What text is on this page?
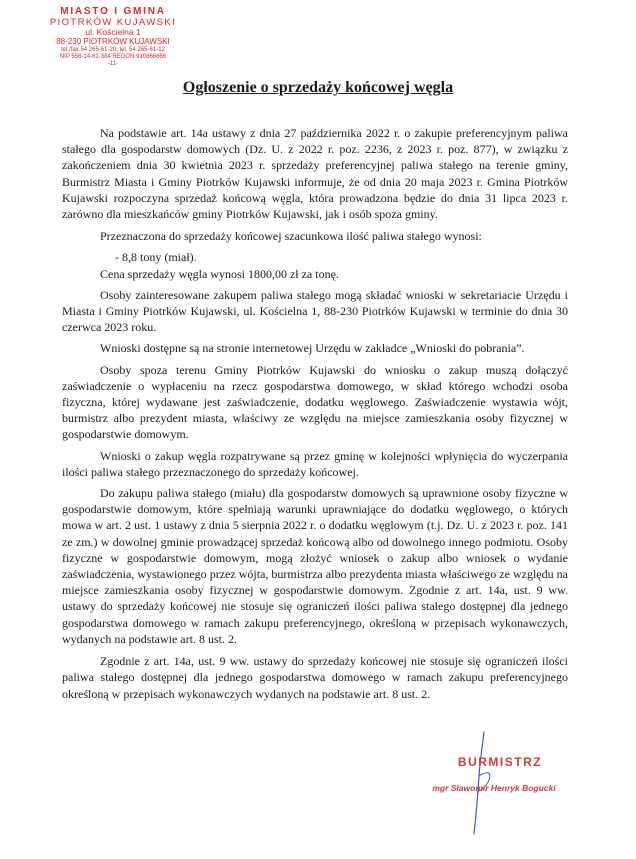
MIASTO I GMINA
PIOTRKÓW KUJAWSKI
ul. Kościelna 1
88-230 PIOTRKÓW KUJAWSKI
tel./fax 54 265-61-20, tel. 54 265-61-12
NIP 556-14-61-384 REGON 910866666
-11-
Ogłoszenie o sprzedaży końcowej węgla

Na podstawie art. 14a ustawy z dnia 27 października 2022 r. o zakupie preferencyjnym paliwa stałego dla gospodarstw domowych (Dz. U. z 2022 r. poz. 2236, z 2023 r. poz. 877), w związku z zakończeniem dnia 30 kwietnia 2023 r. sprzedaży preferencyjnej paliwa stałego na terenie gminy, Burmistrz Miasta i Gminy Piotrków Kujawski informuje, że od dnia 20 maja 2023 r. Gmina Piotrków Kujawski rozpoczyna sprzedaż końcową węgla, która prowadzona będzie do dnia 31 lipca 2023 r. zarówno dla mieszkańców gminy Piotrków Kujawski, jak i osób spoza gminy.

Przeznaczona do sprzedaży końcowej szacunkowa ilość paliwa stałego wynosi:

- 8,8 tony (miał).

Cena sprzedaży węgla wynosi 1800,00 zł za tonę.

Osoby zainteresowane zakupem paliwa stałego mogą składać wnioski w sekretariacie Urzędu i Miasta i Gminy Piotrków Kujawski, ul. Kościelna 1, 88-230 Piotrków Kujawski w terminie do dnia 30 czerwca 2023 roku.

Wnioski dostępne są na stronie internetowej Urzędu w zakładce „Wnioski do pobrania”.

Osoby spoza terenu Gminy Piotrków Kujawski do wniosku o zakup muszą dołączyć zaświadczenie o wypłaceniu na rzecz gospodarstwa domowego, w skład którego wchodzi osoba fizyczna, której wydawane jest zaświadczenie, dodatku węglowego. Zaświadczenie wystawia wójt, burmistrz albo prezydent miasta, właściwy ze względu na miejsce zamieszkania osoby fizycznej w gospodarstwie domowym.

Wnioski o zakup węgla rozpatrywane są przez gminę w kolejności wpłynięcia do wyczerpania ilości paliwa stałego przeznaczonego do sprzedaży końcowej.

Do zakupu paliwa stałego (miału) dla gospodarstw domowych są uprawnione osoby fizyczne w gospodarstwie domowym, które spełniają warunki uprawniające do dodatku węglowego, o których mowa w art. 2 ust. 1 ustawy z dnia 5 sierpnia 2022 r. o dodatku węglowym (t.j. Dz. U. z 2023 r. poz. 141 ze zm.) w dowolnej gminie prowadzącej sprzedaż końcową albo od dowolnego innego podmiotu. Osoby fizyczne w gospodarstwie domowym, mogą złożyć wniosek o zakup albo wniosek o wydanie zaświadczenia, wystawionego przez wójta, burmistrza albo prezydenta miasta właściwego ze względu na miejsce zamieszkania osoby fizycznej w gospodarstwie domowym. Zgodnie z art. 14a, ust. 9 ww. ustawy do sprzedaży końcowej nie stosuje się ograniczeń ilości paliwa stałego dostępnej dla jednego gospodarstwa domowego w ramach zakupu preferencyjnego, określoną w przepisach wykonawczych, wydanych na podstawie art. 8 ust. 2.

Zgodnie z art. 14a, ust. 9 ww. ustawy do sprzedaży końcowej nie stosuje się ograniczeń ilości paliwa stałego dostępnej dla jednego gospodarstwa domowego w ramach zakupu preferencyjnego określoną w przepisach wykonawczych wydanych na podstawie art. 8 ust. 2.

BURMISTRZ
mgr Sławomir Henryk Bogucki
